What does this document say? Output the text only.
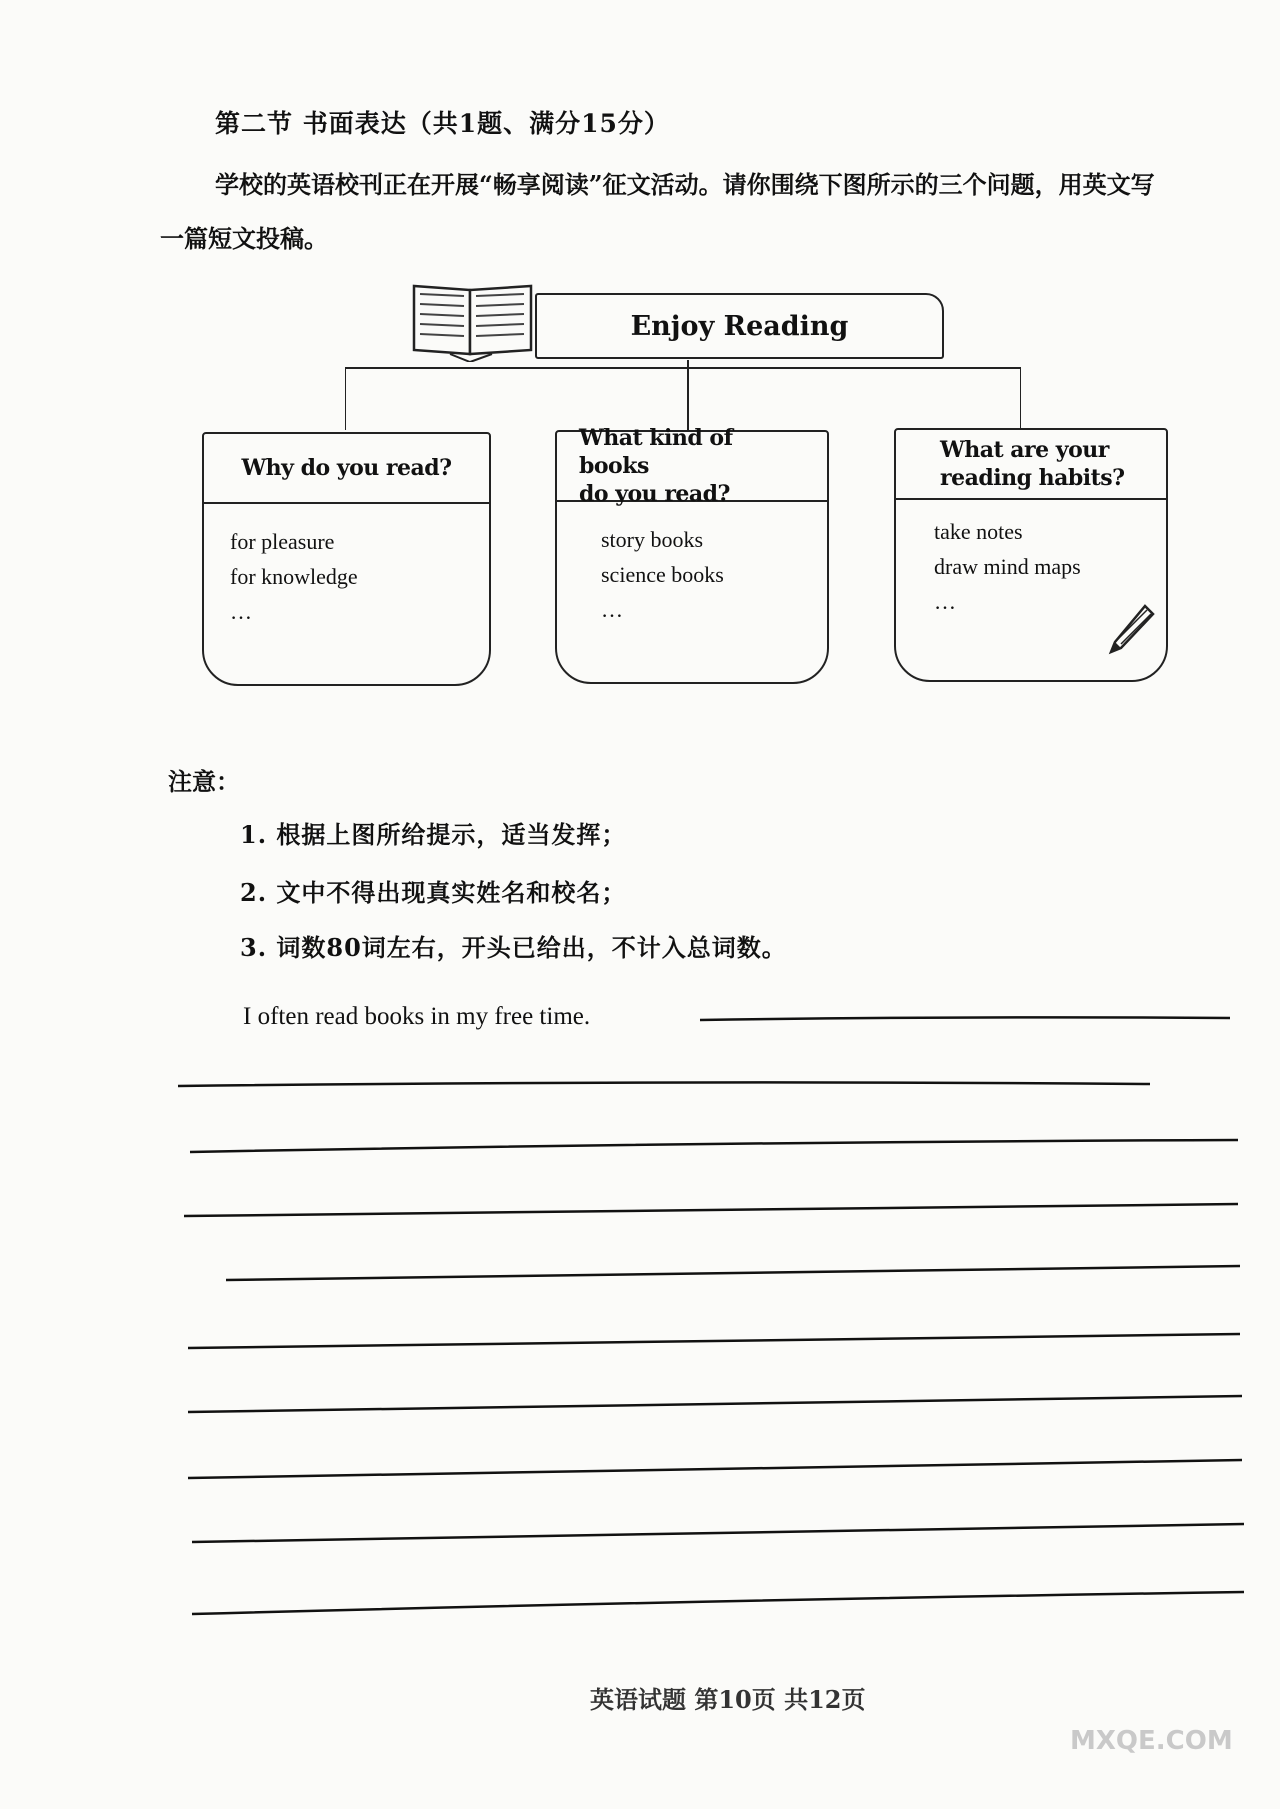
第二节 书面表达（共1题、满分15分）
学校的英语校刊正在开展“畅享阅读”征文活动。请你围绕下图所示的三个问题，用英文写一篇短文投稿。
Enjoy Reading
Why do you read?
for pleasure
for knowledge
…
What kind of books
do you read?
story books
science books
…
What are your
reading habits?
take notes
draw mind maps
…
注意：
1. 根据上图所给提示，适当发挥；
2. 文中不得出现真实姓名和校名；
3. 词数80词左右，开头已给出，不计入总词数。
I often read books in my free time.
英语试题 第10页 共12页
MXQE.COM
